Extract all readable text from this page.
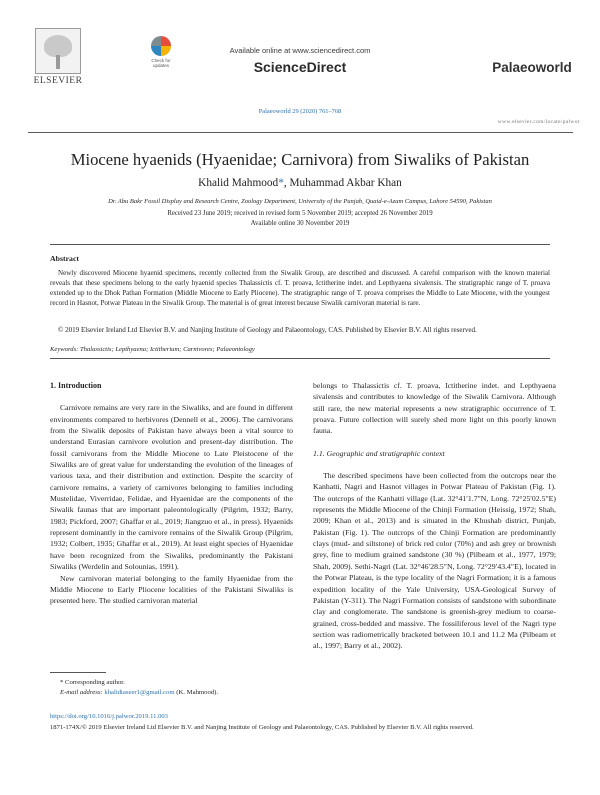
ELSEVIER
Check for updates
Available online at www.sciencedirect.com
ScienceDirect
Palaeoworld 29 (2020) 761–768
Palaeoworld
www.elsevier.com/locate/palwor
Miocene hyaenids (Hyaenidae; Carnivora) from Siwaliks of Pakistan
Khalid Mahmood*, Muhammad Akbar Khan
Dr. Abu Bakr Fossil Display and Research Centre, Zoology Department, University of the Punjab, Quaid-e-Azam Campus, Lahore 54590, Pakistan
Received 23 June 2019; received in revised form 5 November 2019; accepted 26 November 2019
Available online 30 November 2019
Abstract

Newly discovered Miocene hyaenid specimens, recently collected from the Siwalik Group, are described and discussed. A careful comparison with the known material reveals that these specimens belong to the early hyaenid species Thalassictis cf. T. proava, Ictitherine indet. and Lepthyaena sivalensis. The stratigraphic range of T. proava extended up to the Dhok Pathan Formation (Middle Miocene to Early Pliocene). The stratigraphic range of T. proava comprises the Middle to Late Miocene, with the youngest record in Hasnot, Potwar Plateau in the Siwalik Group. The material is of great interest because Siwalik carnivoran material is rare.

© 2019 Elsevier Ireland Ltd Elsevier B.V. and Nanjing Institute of Geology and Palaeontology, CAS. Published by Elsevier B.V. All rights reserved.
Keywords: Thalassictis; Lepthyaena; Ictitherium; Carnivores; Palaeontology
1. Introduction

Carnivore remains are very rare in the Siwaliks, and are found in different environments compared to herbivores (Dennell et al., 2006). The carnivorans from the Siwalik deposits of Pakistan have always been a vital source to understand Eurasian carnivore evolution and present-day distribution. The fossil carnivorans from the Middle Miocene to Late Pleistocene of the Siwaliks are of great value for understanding the evolution of the lineages of various taxa, and their distribution and extinction. Despite the scarcity of carnivore remains, a variety of carnivores belonging to families including Mustelidae, Viverridae, Felidae, and Hyaenidae are the components of the Siwalik faunas that are important paleontologically (Pilgrim, 1932; Barry, 1983; Pickford, 2007; Ghaffar et al., 2019; Jiangzuo et al., in press). Hyaenids represent dominantly in the carnivore remains of the Siwalik Group (Pilgrim, 1932; Colbert, 1935; Ghaffar et al., 2019). At least eight species of Hyaenidae have been recognized from the Siwaliks, predominantly the Pakistani Siwaliks (Werdelin and Solounias, 1991).

New carnivoran material belonging to the family Hyaenidae from the Middle Miocene to Early Pliocene localities of the Pakistani Siwaliks is presented here. The studied carnivoran material

belongs to Thalassictis cf. T. proava, Ictitherine indet. and Lepthyaena sivalensis and contributes to knowledge of the Siwalik Carnivora. Although still rare, the new material represents a new stratigraphic occurrence of T. proava. Future collection will surely shed more light on this poorly known fauna.

1.1. Geographic and stratigraphic context

The described specimens have been collected from the outcrops near the Kanhatti, Nagri and Hasnot villages in Potwar Plateau of Pakistan (Fig. 1). The outcrops of the Kanhatti village (Lat. 32°41′1.7″N, Long. 72°25′02.5″E) represents the Middle Miocene of the Chinji Formation (Heissig, 1972; Shah, 2009; Khan et al., 2013) and is situated in the Khushab district, Punjab, Pakistan (Fig. 1). The outcrops of the Chinji Formation are predominantly clays (mud- and siltstone) of brick red color (70%) and ash grey or brownish grey, fine to medium grained sandstone (30 %) (Pilbeam et al., 1977, 1979; Shah, 2009). Sethi-Nagri (Lat. 32°46′28.5″N, Long. 72°29′43.4″E), located in the Potwar Plateau, is the type locality of the Nagri Formation; it is a famous expedition locality of the Yale University, USA-Geological Survey of Pakistan (Y-311). The Nagri Formation consists of sandstone with subordinate clay and conglomerate. The sandstone is greenish-grey medium to coarse-grained, cross-bedded and massive. The fossiliferous level of the Nagri type section was radiometrically bracketed between 10.1 and 11.2 Ma (Pilbeam et al., 1997; Barry et al., 2002).

* Corresponding author.
E-mail address: khalidtaseer1@gmail.com (K. Mahmood).
https://doi.org/10.1016/j.palwor.2019.11.003
1871-174X/© 2019 Elsevier Ireland Ltd Elsevier B.V. and Nanjing Institute of Geology and Palaeontology, CAS. Published by Elsevier B.V. All rights reserved.
